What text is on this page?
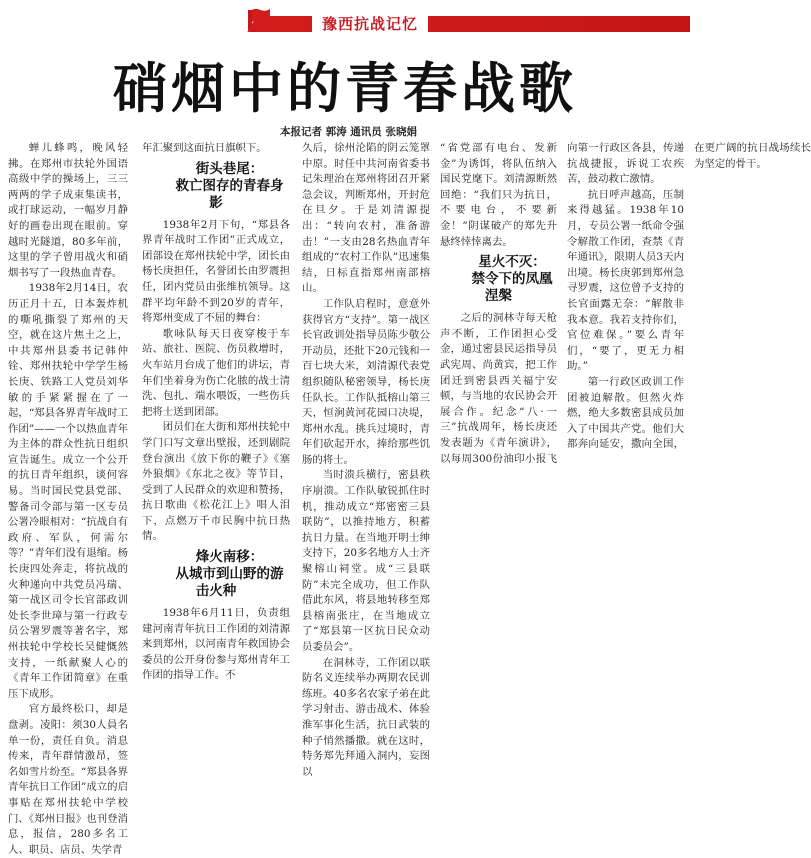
豫西抗战记忆
硝烟中的青春战歌
本报记者 郭涛 通讯员 张晓娟

蝉儿蜂鸣，晚风轻拂。在郑州市扶轮外国语高级中学的操场上，三三两两的学子成束集读书，或打球运动，一幅岁月静好的画卷出现在眼前。穿越时光隧道，80多年前，这里的学子曾用战火和硝烟书写了一段热血青春。

1938年2月14日，农历正月十五，日本轰炸机的嘶吼撕裂了郑州的天空，就在这片焦土之上，中共郑州县委书记韩仲铨、郑州扶轮中学学生杨长庚、铁路工人党员刘华敏的手紧紧握在了一起，“郑县各界青年战时工作团”——一个以热血青年为主体的群众性抗日组织宣告诞生。成立一个公开的抗日青年组织，谈何容易。当时国民党县党部、警备司令部与第一区专员公署冷眼相对：“抗战自有政府、军队，何需尔等？”青年们没有退缩。杨长庚四处奔走，将抗战的火种递向中共党员冯瑞、第一战区司令长官部政训处长李世璋与第一行政专员公署罗震等著名字，郑州扶轮中学校长吴健慨然支持，一纸献聚人心的《青年工作团简章》在重压下成形。

官方最终松口，却是盘剥。凌阳：须30人員名单一份，责任自负。消息传来，青年群情激昂，签名如雪片纷至。“郑县各界青年抗日工作团”成立的启事贴在郑州扶轮中学校门、《郑州日报》也刊登消息，报信，280多名工人、职员、店员、失学青

年汇聚到这面抗日旗帜下。

街头巷尾：

救亡图存的青春身影

1938年2月下旬，“郑县各界青年战时工作团”正式成立，团部设在郑州扶轮中学，团长由杨长庚担任，名誉团长由罗震担任，团内党员由张维杭领导。这群平均年龄不到20岁的青年，将郑州变成了不屈的舞台：

歌咏队每天日夜穿梭于车站、旅社、医院、伤员救增时，火车站月台成了他们的讲坛，青年们坐着身为伤亡化脓的战士清洗、包扎、端水喂饭，一些伤兵把将士送到团部。

团员们在大街和郑州扶轮中学门口写文章出壁报，还到剧院登台演出《放下你的鞭子》《塞外狼烟》《东北之夜》等节目，受到了人民群众的欢迎和赞扬，抗日歌曲《松花江上》唱人泪下，点燃万千市民胸中抗日热情。

烽火南移：

从城市到山野的游击火种

1938年6月11日，负责组建河南青年抗日工作团的刘清源来到郑州，以河南青年救国协会委员的公开身份参与郑州青年工作团的指导工作。不

久后，徐州沦陷的阴云笼罩中原。时任中共河南省委书记朱理治在郑州将团召开紧急会议，判断郑州，开封危在旦夕。于是刘清源提出：“转向农村，准备游击！”一支由28名热血青年组成的“农村工作队”迅速集结，日标直指郑州南部榕山。

工作队启程时，意意外获得官方“支持”。第一战区长官政训处指导员陈少敬公开动员，还批下20元钱和一百七块大米，刘清源代表党组织随队秘密领导，杨长庚任队长。工作队抵榕山第三天，恒涧黄河花园口决堤，郑州水乱。挑兵过境时，青年们砍起开水，捧给那些饥肠的将士。

当时溃兵横行，密县秩序崩溃。工作队敏锐抓住时机，推动成立“郑密密三县联防”，以推持地方，积蓄抗日力量。在当地开明士绅支持下，20多名地方人士齐聚榕山祠堂。成“三县联防”未完全成功，但工作队借此东风，将县地转移至郑县榕南张庄，在当地成立了“郑县第一区抗日民众动员委员会”。

在洞林寺，工作团以联防名义连续举办两期农民训练班。40多名农家子弟在此学习射击、游击战术、体验淮军事化生活，抗日武装的种子悄然播撒。就在这时，特务郑先拜通入洞内，妄图以

“省党部有电台、发新金”为诱饵，将队伍纳入国民党麾下。刘清源断然回绝：“我们只为抗日，不要电台，不要新金！”阴谋破产的郑先升悬终悻悻离去。

星火不灭：

禁令下的凤凰涅槃

之后的洞林寺每天枪声不断，工作团担心受金，通过密县民运指导员武宪周、尚黄宾，把工作团迁到密县西关福宁安顿，与当地的农民协会开展合作。纪念“八·一三”抗战周年，杨长庚还发表题为《青年演讲》，以每周300份油印小报飞向第一行政区各县，传递抗战捷报，诉说工农疾苦，鼓动救亡激情。

抗日呼声越高，压制来得越猛。1938年10月，专员公署一纸命令强令解散工作团，查禁《青年通讯》，限期人员3天内出境。杨长庚郭到郑州急寻罗震，这位曾予支持的长官面露无奈：“解散非我本意。我若支持你们，官位难保。”要么青年们，“要了，更无力相助。”

第一行政区政训工作团被迫解散。但然火炸燃，绝大多数密县成员加入了中国共产党。他们大都奔向延安，撒向全国，在更广阔的抗日战场续长为坚定的骨干。
